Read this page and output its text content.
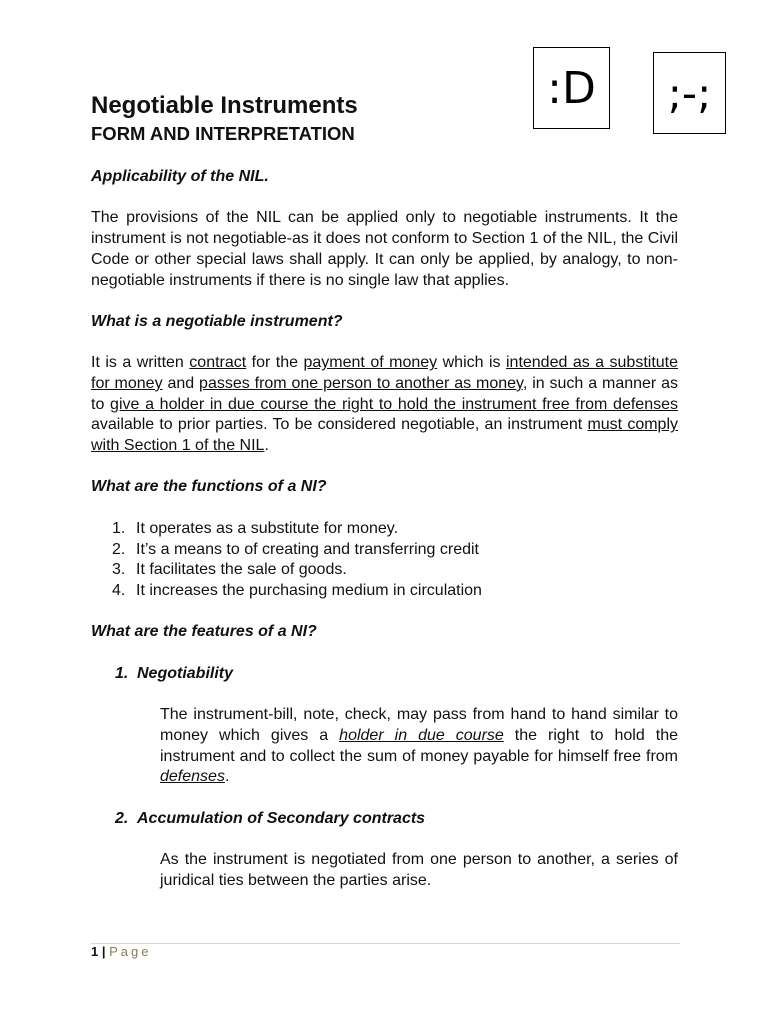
:D	;-;
Negotiable Instruments
FORM AND INTERPRETATION

Applicability of the NIL.

The provisions of the NIL can be applied only to negotiable instruments. It the instrument is not negotiable-as it does not conform to Section 1 of the NIL, the Civil Code or other special laws shall apply. It can only be applied, by analogy, to non-negotiable instruments if there is no single law that applies.

What is a negotiable instrument?

It is a written contract for the payment of money which is intended as a substitute for money and passes from one person to another as money, in such a manner as to give a holder in due course the right to hold the instrument free from defenses available to prior parties. To be considered negotiable, an instrument must comply with Section 1 of the NIL.

What are the functions of a NI?

1. It operates as a substitute for money.
2. It’s a means to of creating and transferring credit
3. It facilitates the sale of goods.
4. It increases the purchasing medium in circulation

What are the features of a NI?

1. Negotiability

The instrument-bill, note, check, may pass from hand to hand similar to money which gives a holder in due course the right to hold the instrument and to collect the sum of money payable for himself free from defenses.

2. Accumulation of Secondary contracts

As the instrument is negotiated from one person to another, a series of juridical ties between the parties arise.

1 | Page
